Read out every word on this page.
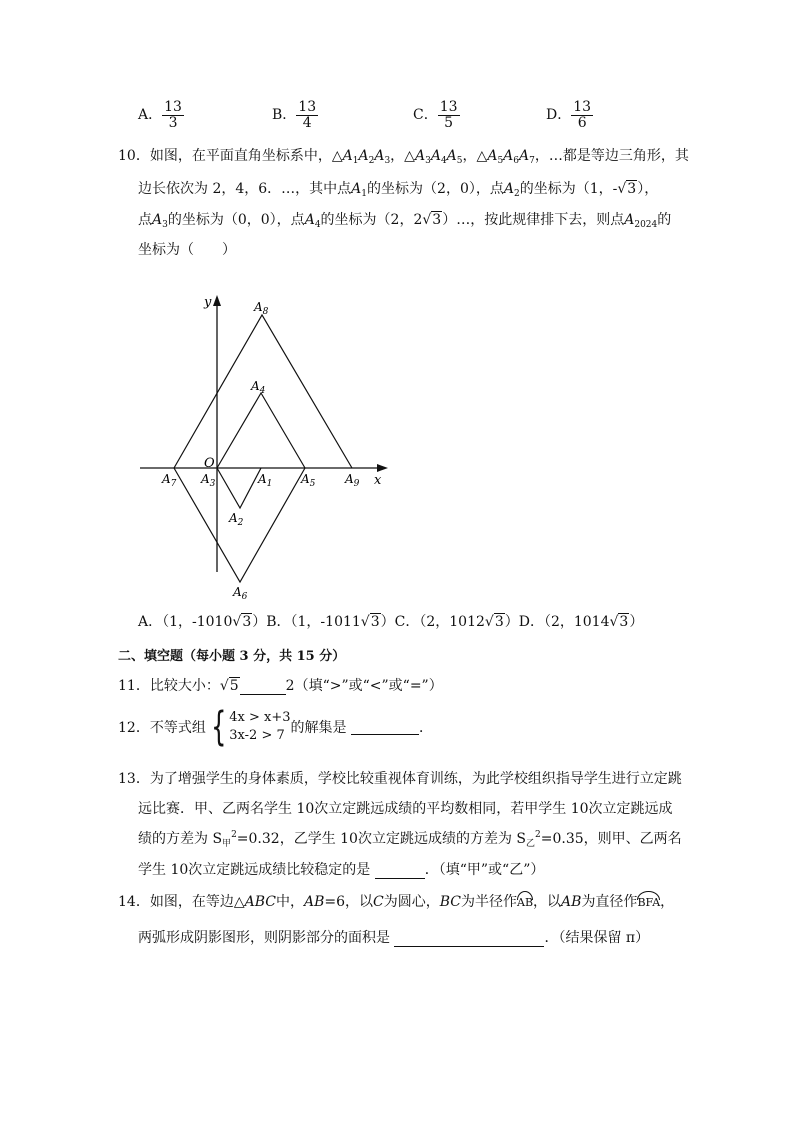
A． $\frac{13}{3}$	B． $\frac{13}{4}$	C． $\frac{13}{5}$	D． $\frac{13}{6}$
10．如图，在平面直角坐标系中，$\triangle A_1A_2A_3$，$\triangle A_3A_4A_5$，$\triangle A_5A_6A_7$，…都是等边三角形，其
边长依次为 2，4，6．…，其中点$A_1$的坐标为（2，0），点$A_2$的坐标为（1，-√3），
点$A_3$的坐标为（0，0），点$A_4$的坐标为（2，2√3）…，按此规律排下去，则点$A_{2024}$的
坐标为（　　）
y
x
O
$A_8$
$A_4$
$A_7$ $A_3$	$A_1$ $A_5$ $A_9$
$A_2$
$A_6$
A．（1，-1010√3）B．（1，-1011√3）C．（2，1012√3）D．（2，1014√3）
二、填空题（每小题 3 分，共 15 分）
11．比较大小：√5	2（填“>”或“<”或“=”）
12．不等式组 { 4x > x+3
3x-2 > 7 的解集是	．
13．为了增强学生的身体素质，学校比较重视体育训练，为此学校组织指导学生进行立定跳
远比赛．甲、乙两名学生 10次立定跳远成绩的平均数相同，若甲学生 10次立定跳远成
绩的方差为 $S_甲^2=0.32$，乙学生 10次立定跳远成绩的方差为 $S_乙^2=0.35$，则甲、乙两名
学生 10次立定跳远成绩比较稳定的是	．（填“甲”或“乙”）
14．如图，在等边△ABC中，AB=6，以C为圆心，BC为半径作AB，以AB为直径作BFA，
两弧形成阴影图形，则阴影部分的面积是	．（结果保留 π）
